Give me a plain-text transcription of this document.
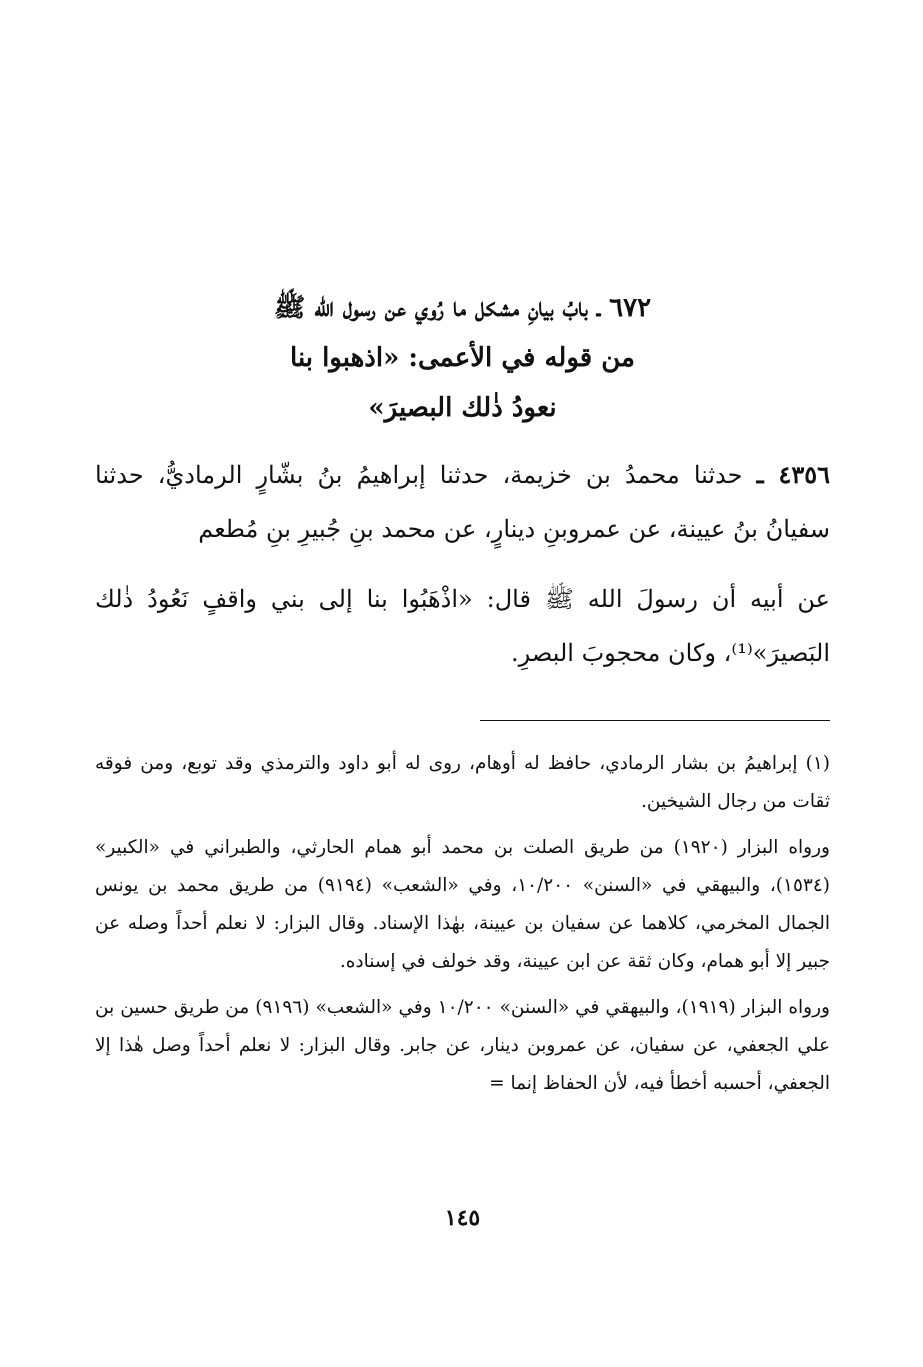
٦٧٢ ـ بابُ بيانِ مشكل ما رُوي عن رسول الله ﷺ
من قوله في الأعمى: «اذهبوا بنا
نعودُ ذٰلك البصيرَ»

٤٣٥٦ ـ حدثنا محمدُ بن خزيمة، حدثنا إبراهيمُ بنُ بشّارٍ الرماديُّ، حدثنا سفيانُ بنُ عيينة، عن عمروبنِ دينارٍ، عن محمد بنِ جُبيرِ بنِ مُطعم

عن أبيه أن رسولَ الله ﷺ قال: «اذْهَبُوا بنا إلى بني واقفٍ نَعُودُ ذٰلك البَصيرَ»⁽¹⁾، وكان محجوبَ البصرِ.

(١) إبراهيمُ بن بشار الرمادي، حافظ له أوهام، روى له أبو داود والترمذي وقد توبع، ومن فوقه ثقات من رجال الشيخين.

ورواه البزار (١٩٢٠) من طريق الصلت بن محمد أبو همام الحارثي، والطبراني في «الكبير» (١٥٣٤)، والبيهقي في «السنن» ١٠/٢٠٠، وفي «الشعب» (٩١٩٤) من طريق محمد بن يونس الجمال المخرمي، كلاهما عن سفيان بن عيينة، بهٰذا الإسناد. وقال البزار: لا نعلم أحداً وصله عن جبير إلا أبو همام، وكان ثقة عن ابن عيينة، وقد خولف في إسناده.

ورواه البزار (١٩١٩)، والبيهقي في «السنن» ١٠/٢٠٠ وفي «الشعب» (٩١٩٦) من طريق حسين بن علي الجعفي، عن سفيان، عن عمروبن دينار، عن جابر. وقال البزار: لا نعلم أحداً وصل هٰذا إلا الجعفي، أحسبه أخطأ فيه، لأن الحفاظ إنما =

١٤٥
